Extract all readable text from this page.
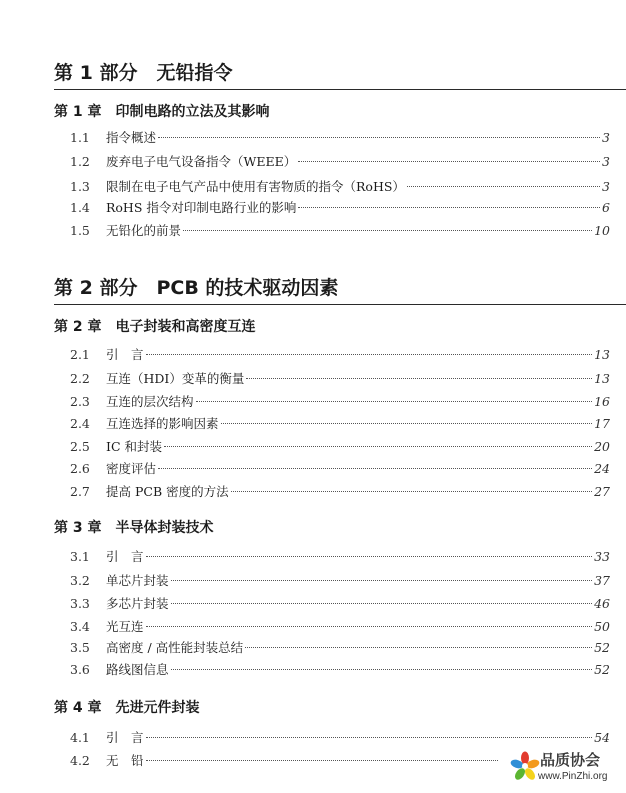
第 1 部分　无铅指令
第 1 章　印制电路的立法及其影响
1.1	指令概述	3
1.2	废弃电子电气设备指令（WEEE）	3
1.3	限制在电子电气产品中使用有害物质的指令（RoHS）	3
1.4	RoHS 指令对印制电路行业的影响	6
1.5	无铅化的前景	10
第 2 部分　PCB 的技术驱动因素
第 2 章　电子封装和高密度互连
2.1	引　言	13
2.2	互连（HDI）变革的衡量	13
2.3	互连的层次结构	16
2.4	互连选择的影响因素	17
2.5	IC 和封装	20
2.6	密度评估	24
2.7	提高 PCB 密度的方法	27
第 3 章　半导体封装技术
3.1	引　言	33
3.2	单芯片封装	37
3.3	多芯片封装	46
3.4	光互连	50
3.5	高密度 / 高性能封装总结	52
3.6	路线图信息	52
第 4 章　先进元件封装
4.1	引　言	54
4.2	无　铅	品质协会
www.PinZhi.org
